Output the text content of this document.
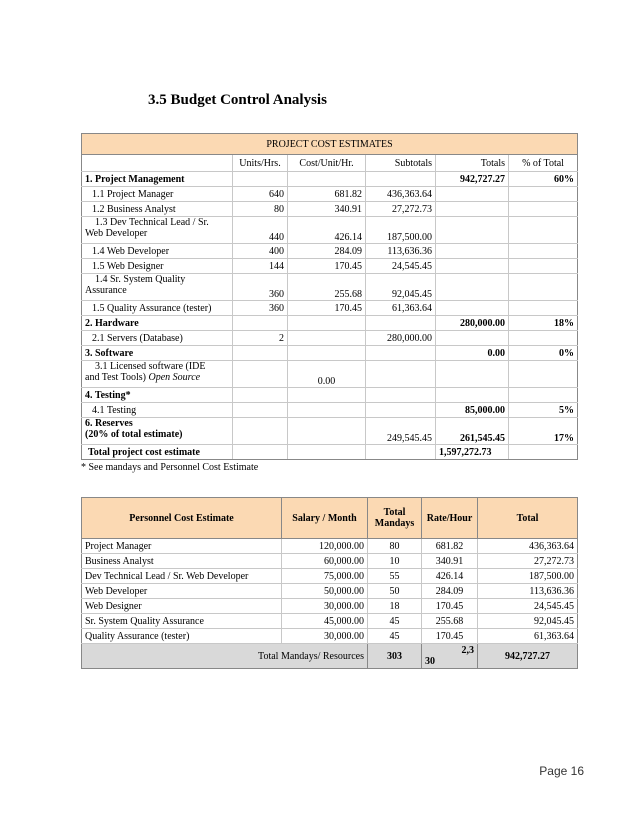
3.5 Budget Control Analysis
PROJECT COST ESTIMATES					
	Units/Hrs.	Cost/Unit/Hr.	Subtotals	Totals	% of Total
1. Project Management				942,727.27	60%
1.1 Project Manager	640	681.82	436,363.64		
1.2 Business Analyst	80	340.91	27,272.73		

1.3 Dev Technical Lead / Sr.
Web Developer	440	426.14	187,500.00		
1.4 Web Developer	400	284.09	113,636.36		
1.5 Web Designer	144	170.45	24,545.45		

1.4 Sr. System Quality
Assurance	360	255.68	92,045.45		
1.5 Quality Assurance (tester)	360	170.45	61,363.64		
2. Hardware				280,000.00	18%
2.1 Servers (Database)	2		280,000.00		
3. Software				0.00	0%

3.1 Licensed software (IDE
and Test Tools) Open Source		0.00			
4. Testing*					
4.1 Testing				85,000.00	5%

6. Reserves
(20% of total estimate)			249,545.45	261,545.45	17%
Total project cost estimate				1,597,272.73	
* See mandays and Personnel Cost Estimate
Personnel Cost Estimate	Salary / Month	Total Mandays	Rate/Hour	Total
Project Manager	120,000.00	80	681.82	436,363.64
Business Analyst	60,000.00	10	340.91	27,272.73
Dev Technical Lead / Sr. Web Developer	75,000.00	55	426.14	187,500.00
Web Developer	50,000.00	50	284.09	113,636.36
Web Designer	30,000.00	18	170.45	24,545.45
Sr. System Quality Assurance	45,000.00	45	255.68	92,045.45
Quality Assurance (tester)	30,000.00	45	170.45	61,363.64
Total Mandays/ Resources		303	2,3
30	942,727.27
Page 16
